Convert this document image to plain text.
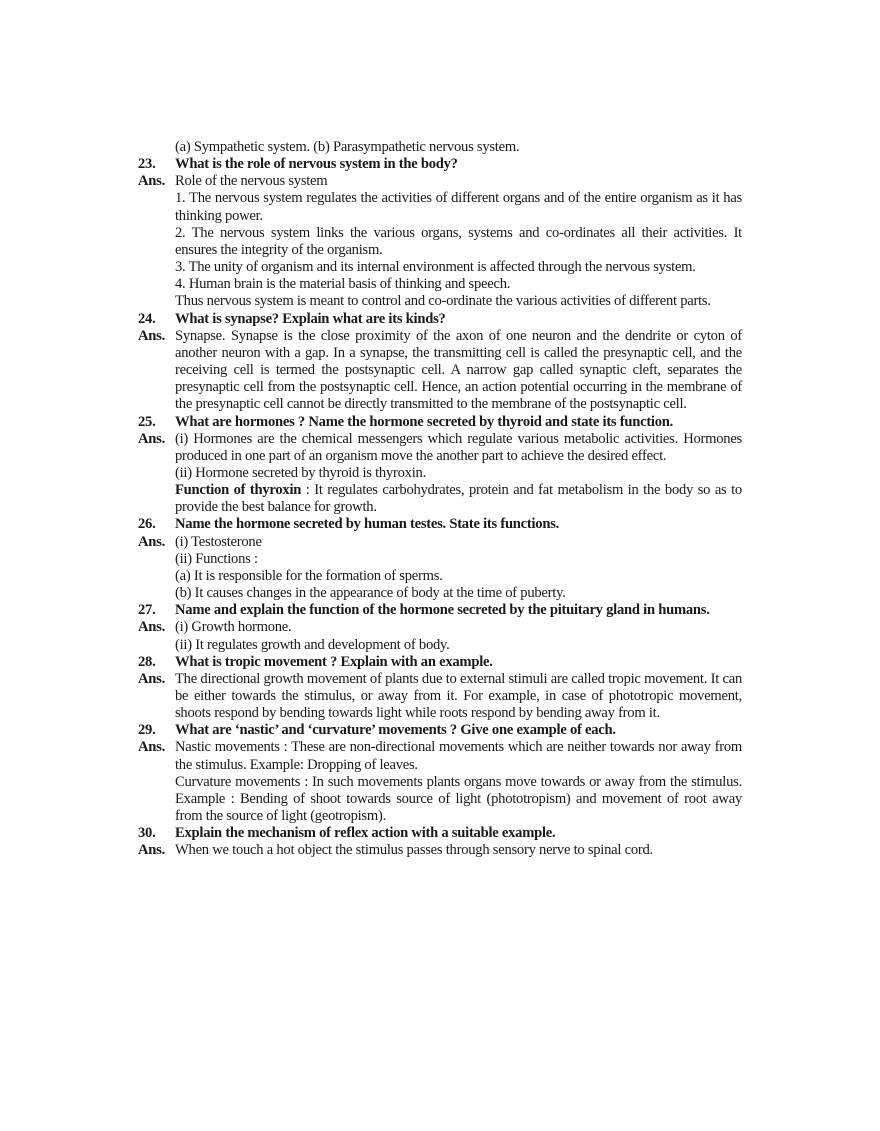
(a) Sympathetic system. (b) Parasympathetic nervous system.
23.	What is the role of nervous system in the body?
Ans. Role of the nervous system
1. The nervous system regulates the activities of different organs and of the entire organism as it has thinking power.
2. The nervous system links the various organs, systems and co-ordinates all their activities. It ensures the integrity of the organism.
3. The unity of organism and its internal environment is affected through the nervous system.
4. Human brain is the material basis of thinking and speech.
Thus nervous system is meant to control and co-ordinate the various activities of different parts.
24.	What is synapse? Explain what are its kinds?
Ans. Synapse. Synapse is the close proximity of the axon of one neuron and the dendrite or cyton of another neuron with a gap. In a synapse, the transmitting cell is called the presynaptic cell, and the receiving cell is termed the postsynaptic cell. A narrow gap called synaptic cleft, separates the presynaptic cell from the postsynaptic cell. Hence, an action potential occurring in the membrane of the presynaptic cell cannot be directly transmitted to the membrane of the postsynaptic cell.
25.	What are hormones ? Name the hormone secreted by thyroid and state its function.
Ans. (i) Hormones are the chemical messengers which regulate various metabolic activities. Hormones produced in one part of an organism move the another part to achieve the desired effect.
(ii) Hormone secreted by thyroid is thyroxin.
Function of thyroxin : It regulates carbohydrates, protein and fat metabolism in the body so as to provide the best balance for growth.
26.	Name the hormone secreted by human testes. State its functions.
Ans. (i) Testosterone
(ii) Functions :
(a) It is responsible for the formation of sperms.
(b) It causes changes in the appearance of body at the time of puberty.
27.	Name and explain the function of the hormone secreted by the pituitary gland in humans.
Ans. (i) Growth hormone.
(ii) It regulates growth and development of body.
28.	What is tropic movement ? Explain with an example.
Ans. The directional growth movement of plants due to external stimuli are called tropic movement. It can be either towards the stimulus, or away from it. For example, in case of phototropic movement, shoots respond by bending towards light while roots respond by bending away from it.
29.	What are ‘nastic’ and ‘curvature’ movements ? Give one example of each.
Ans. Nastic movements : These are non-directional movements which are neither towards nor away from the stimulus. Example: Dropping of leaves.
Curvature movements : In such movements plants organs move towards or away from the stimulus. Example : Bending of shoot towards source of light (phototropism) and movement of root away from the source of light (geotropism).
30.	Explain the mechanism of reflex action with a suitable example.
Ans. When we touch a hot object the stimulus passes through sensory nerve to spinal cord.
